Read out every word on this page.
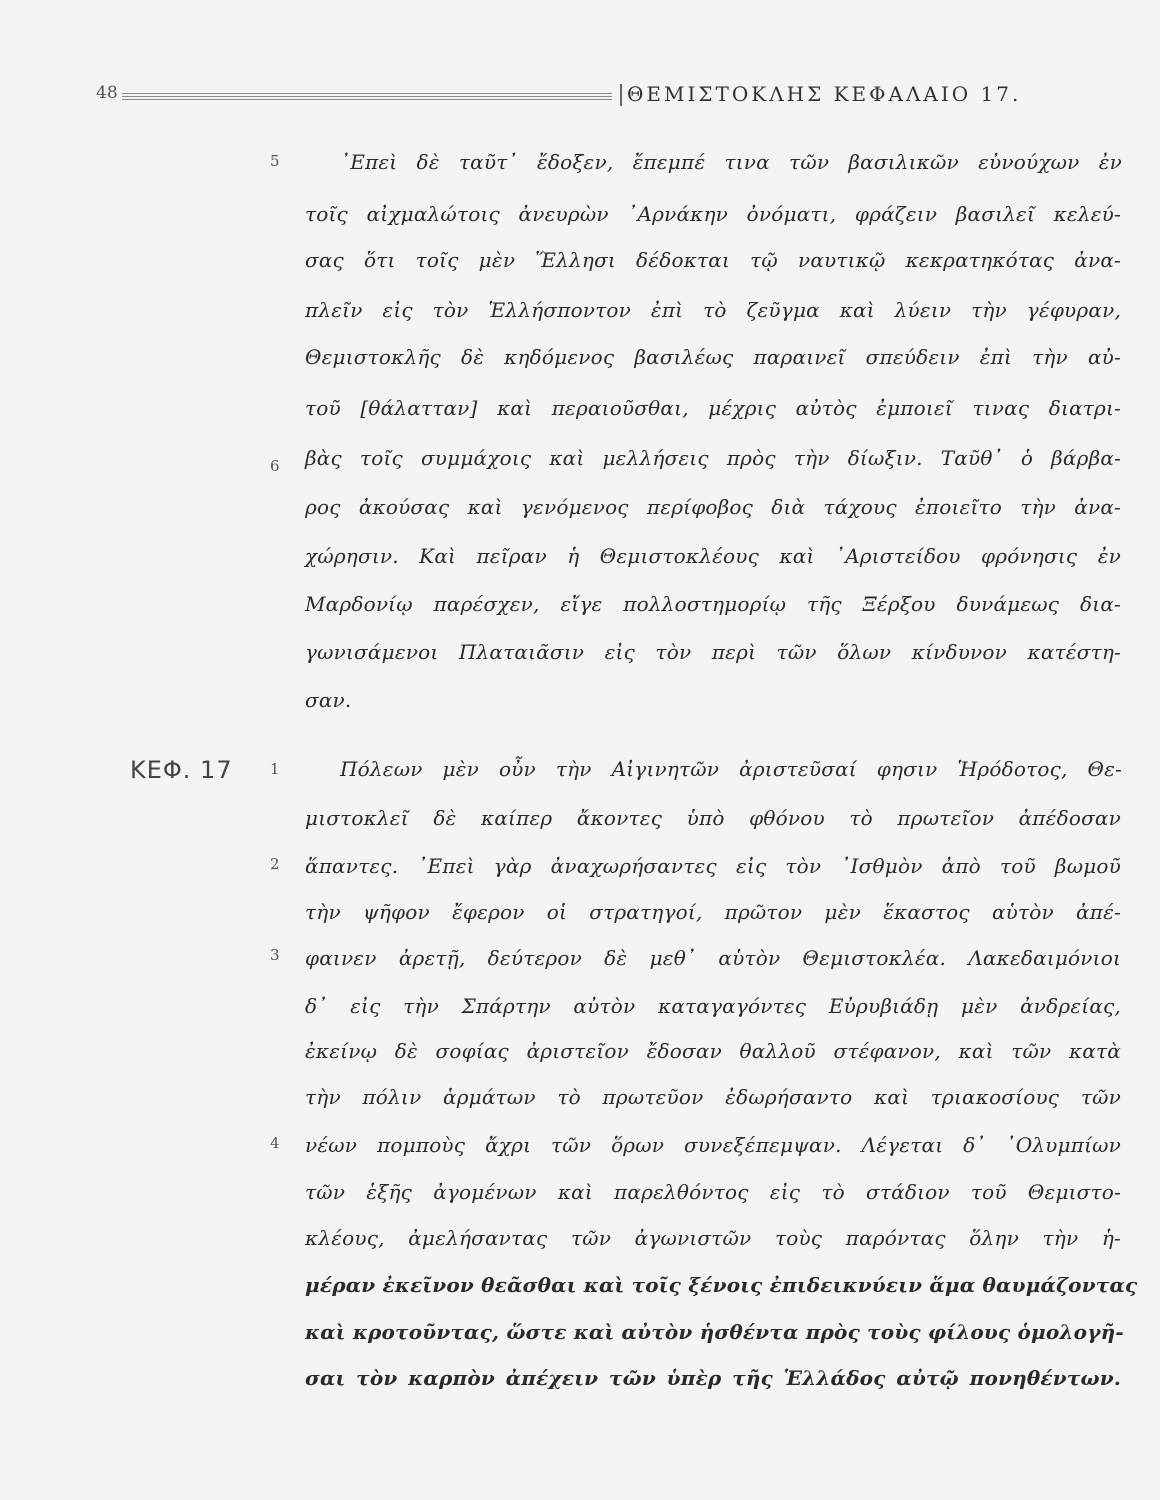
48	ΘΕΜΙΣΤΟΚΛΗΣ ΚΕΦΑΛΑΙΟ 17.
ΚΕΦ. 17
5
6
1
2
3
4
᾿Επεὶ δὲ ταῦτ᾿ ἔδοξεν, ἔπεμπέ τινα τῶν βασιλικῶν εὐνούχων ἐν
τοῖς αἰχμαλώτοις ἀνευρὼν ᾿Αρνάκην ὀνόματι, φράζειν βασιλεῖ κελεύ-
σας ὅτι τοῖς μὲν Ἕλλησι δέδοκται τῷ ναυτικῷ κεκρατηκότας ἀνα-
πλεῖν εἰς τὸν Ἑλλήσποντον ἐπὶ τὸ ζεῦγμα καὶ λύειν τὴν γέφυραν,
Θεμιστοκλῆς δὲ κηδόμενος βασιλέως παραινεῖ σπεύδειν ἐπὶ τὴν αὐ-
τοῦ [θάλατταν] καὶ περαιοῦσθαι, μέχρις αὐτὸς ἐμποιεῖ τινας διατρι-
βὰς τοῖς συμμάχοις καὶ μελλήσεις πρὸς τὴν δίωξιν. Ταῦθ᾿ ὁ βάρβα-
ρος ἀκούσας καὶ γενόμενος περίφοβος διὰ τάχους ἐποιεῖτο τὴν ἀνα-
χώρησιν. Καὶ πεῖραν ἡ Θεμιστοκλέους καὶ ᾿Αριστείδου φρόνησις ἐν
Μαρδονίῳ παρέσχεν, εἴγε πολλοστημορίῳ τῆς Ξέρξου δυνάμεως δια-
γωνισάμενοι Πλαταιᾶσιν εἰς τὸν περὶ τῶν ὅλων κίνδυνον κατέστη-
σαν.
Πόλεων μὲν οὖν τὴν Αἰγινητῶν ἀριστεῦσαί φησιν Ἡρόδοτος, Θε-
μιστοκλεῖ δὲ καίπερ ἄκοντες ὑπὸ φθόνου τὸ πρωτεῖον ἀπέδοσαν
ἅπαντες. ᾿Επεὶ γὰρ ἀναχωρήσαντες εἰς τὸν ᾿Ισθμὸν ἀπὸ τοῦ βωμοῦ
τὴν ψῆφον ἔφερον οἱ στρατηγοί, πρῶτον μὲν ἕκαστος αὑτὸν ἀπέ-
φαινεν ἀρετῇ, δεύτερον δὲ μεθ᾿ αὑτὸν Θεμιστοκλέα. Λακεδαιμόνιοι
δ᾿ εἰς τὴν Σπάρτην αὐτὸν καταγαγόντες Εὐρυβιάδῃ μὲν ἀνδρείας,
ἐκείνῳ δὲ σοφίας ἀριστεῖον ἔδοσαν θαλλοῦ στέφανον, καὶ τῶν κατὰ
τὴν πόλιν ἁρμάτων τὸ πρωτεῦον ἐδωρήσαντο καὶ τριακοσίους τῶν
νέων πομποὺς ἄχρι τῶν ὅρων συνεξέπεμψαν. Λέγεται δ᾿ ᾿Ολυμπίων
τῶν ἑξῆς ἀγομένων καὶ παρελθόντος εἰς τὸ στάδιον τοῦ Θεμιστο-
κλέους, ἀμελήσαντας τῶν ἀγωνιστῶν τοὺς παρόντας ὅλην τὴν ἡ-
μέραν ἐκεῖνον θεᾶσθαι καὶ τοῖς ξένοις ἐπιδεικνύειν ἅμα θαυμάζοντας
καὶ κροτοῦντας, ὥστε καὶ αὐτὸν ἡσθέντα πρὸς τοὺς φίλους ὁμολογῆ-
σαι τὸν καρπὸν ἀπέχειν τῶν ὑπὲρ τῆς Ἑλλάδος αὐτῷ πονηθέντων.
